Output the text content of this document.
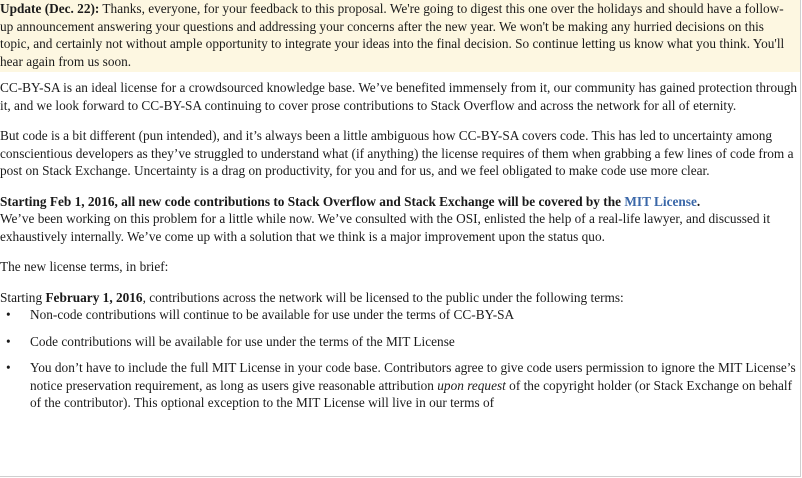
Update (Dec. 22): Thanks, everyone, for your feedback to this proposal. We're going to digest this one over the holidays and should have a follow-up announcement answering your questions and addressing your concerns after the new year. We won't be making any hurried decisions on this topic, and certainly not without ample opportunity to integrate your ideas into the final decision. So continue letting us know what you think. You'll hear again from us soon.

CC-BY-SA is an ideal license for a crowdsourced knowledge base. We’ve benefited immensely from it, our community has gained protection through it, and we look forward to CC-BY-SA continuing to cover prose contributions to Stack Overflow and across the network for all of eternity.

But code is a bit different (pun intended), and it’s always been a little ambiguous how CC-BY-SA covers code. This has led to uncertainty among conscientious developers as they’ve struggled to understand what (if anything) the license requires of them when grabbing a few lines of code from a post on Stack Exchange. Uncertainty is a drag on productivity, for you and for us, and we feel obligated to make code use more clear.

Starting Feb 1, 2016, all new code contributions to Stack Overflow and Stack Exchange will be covered by the MIT License.

We’ve been working on this problem for a little while now. We’ve consulted with the OSI, enlisted the help of a real-life lawyer, and discussed it exhaustively internally. We’ve come up with a solution that we think is a major improvement upon the status quo.

The new license terms, in brief:

Starting February 1, 2016, contributions across the network will be licensed to the public under the following terms:

• Non-code contributions will continue to be available for use under the terms of CC-BY-SA
• Code contributions will be available for use under the terms of the MIT License
• You don’t have to include the full MIT License in your code base. Contributors agree to give code users permission to ignore the MIT License’s notice preservation requirement, as long as users give reasonable attribution upon request of the copyright holder (or Stack Exchange on behalf of the contributor). This optional exception to the MIT License will live in our terms of
